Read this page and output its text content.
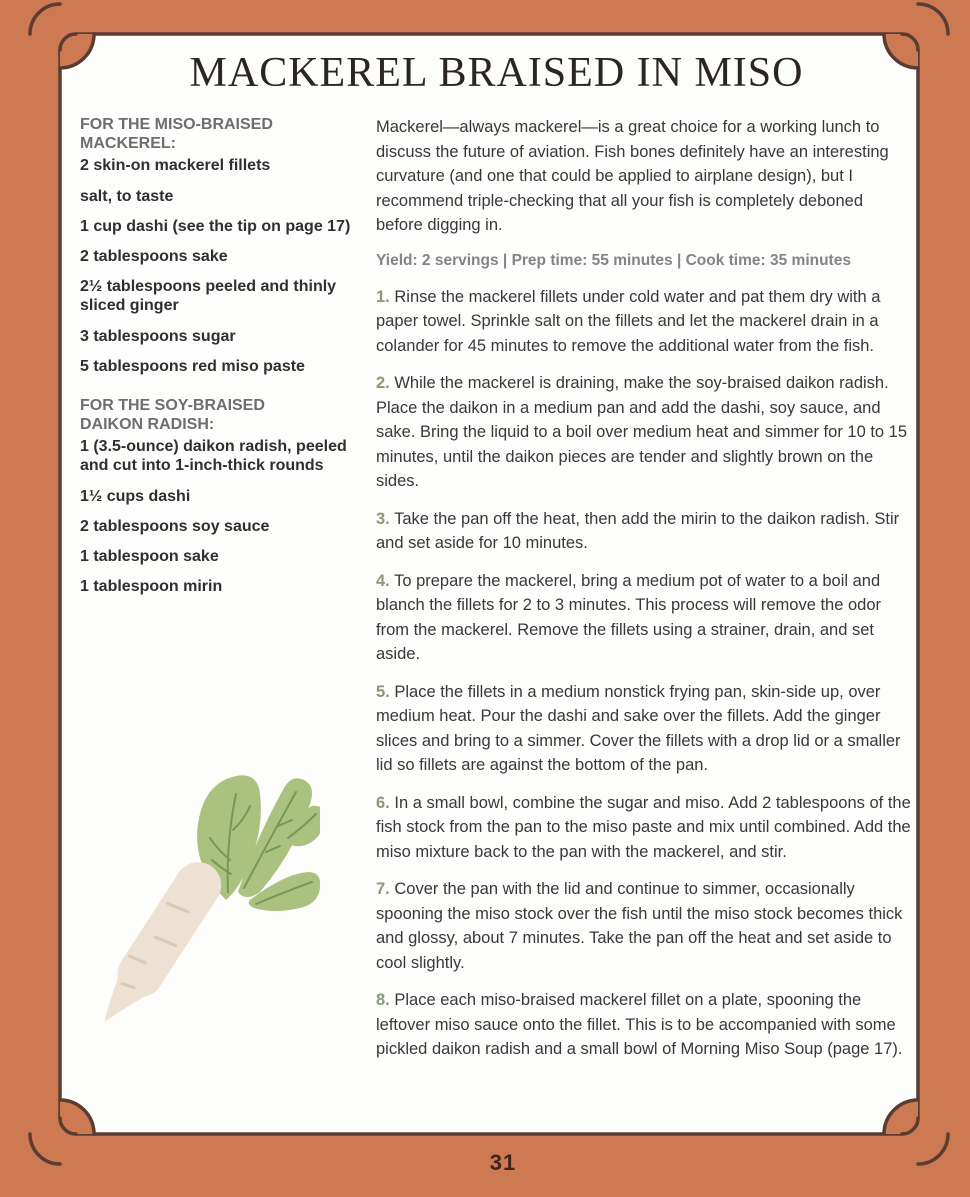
MACKEREL BRAISED IN MISO
FOR THE MISO-BRAISED MACKEREL:
2 skin-on mackerel fillets
salt, to taste
1 cup dashi (see the tip on page 17)
2 tablespoons sake
2½ tablespoons peeled and thinly sliced ginger
3 tablespoons sugar
5 tablespoons red miso paste
FOR THE SOY-BRAISED DAIKON RADISH:
1 (3.5-ounce) daikon radish, peeled and cut into 1-inch-thick rounds
1½ cups dashi
2 tablespoons soy sauce
1 tablespoon sake
1 tablespoon mirin

Mackerel—always mackerel—is a great choice for a working lunch to discuss the future of aviation. Fish bones definitely have an interesting curvature (and one that could be applied to airplane design), but I recommend triple-checking that all your fish is completely deboned before digging in.

Yield: 2 servings | Prep time: 55 minutes | Cook time: 35 minutes

1. Rinse the mackerel fillets under cold water and pat them dry with a paper towel. Sprinkle salt on the fillets and let the mackerel drain in a colander for 45 minutes to remove the additional water from the fish.

2. While the mackerel is draining, make the soy-braised daikon radish. Place the daikon in a medium pan and add the dashi, soy sauce, and sake. Bring the liquid to a boil over medium heat and simmer for 10 to 15 minutes, until the daikon pieces are tender and slightly brown on the sides.

3. Take the pan off the heat, then add the mirin to the daikon radish. Stir and set aside for 10 minutes.

4. To prepare the mackerel, bring a medium pot of water to a boil and blanch the fillets for 2 to 3 minutes. This process will remove the odor from the mackerel. Remove the fillets using a strainer, drain, and set aside.

5. Place the fillets in a medium nonstick frying pan, skin-side up, over medium heat. Pour the dashi and sake over the fillets. Add the ginger slices and bring to a simmer. Cover the fillets with a drop lid or a smaller lid so fillets are against the bottom of the pan.

6. In a small bowl, combine the sugar and miso. Add 2 tablespoons of the fish stock from the pan to the miso paste and mix until combined. Add the miso mixture back to the pan with the mackerel, and stir.

7. Cover the pan with the lid and continue to simmer, occasionally spooning the miso stock over the fish until the miso stock becomes thick and glossy, about 7 minutes. Take the pan off the heat and set aside to cool slightly.

8. Place each miso-braised mackerel fillet on a plate, spooning the leftover miso sauce onto the fillet. This is to be accompanied with some pickled daikon radish and a small bowl of Morning Miso Soup (page 17).

31
